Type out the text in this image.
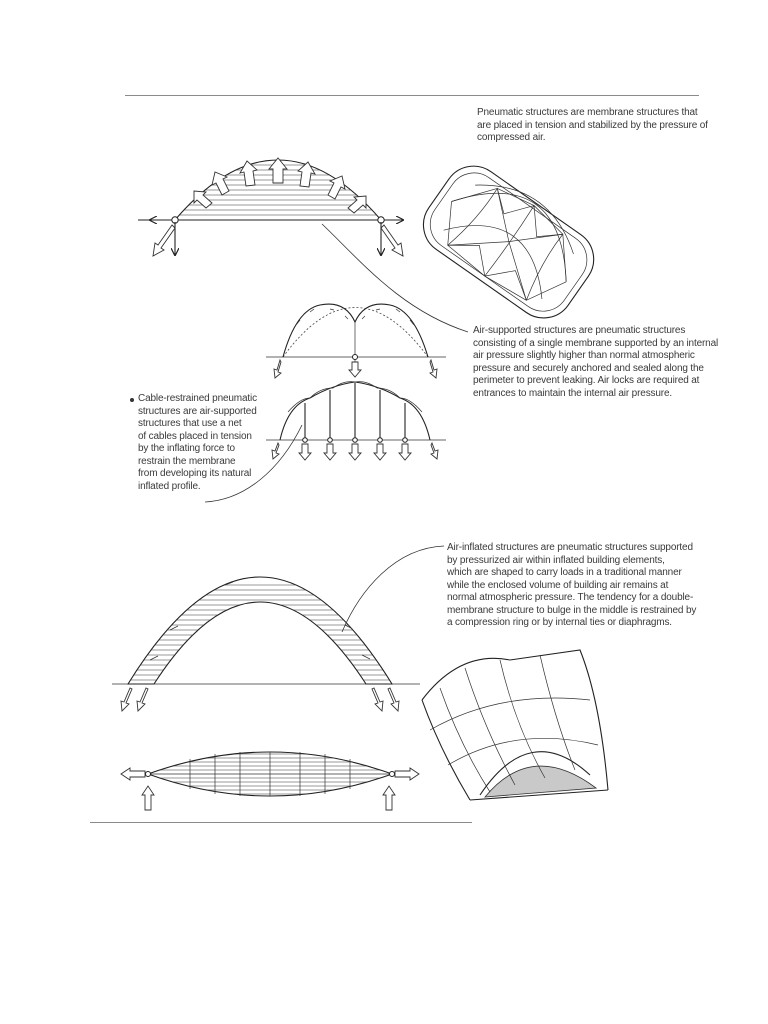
Pneumatic structures are membrane structures that
are placed in tension and stabilized by the pressure of
compressed air.
Air-supported structures are pneumatic structures
consisting of a single membrane supported by an internal
air pressure slightly higher than normal atmospheric
pressure and securely anchored and sealed along the
perimeter to prevent leaking. Air locks are required at
entrances to maintain the internal air pressure.
Cable-restrained pneumatic
structures are air-supported
structures that use a net
of cables placed in tension
by the inflating force to
restrain the membrane
from developing its natural
inflated profile.
Air-inflated structures are pneumatic structures supported
by pressurized air within inflated building elements,
which are shaped to carry loads in a traditional manner
while the enclosed volume of building air remains at
normal atmospheric pressure. The tendency for a double-
membrane structure to bulge in the middle is restrained by
a compression ring or by internal ties or diaphragms.
